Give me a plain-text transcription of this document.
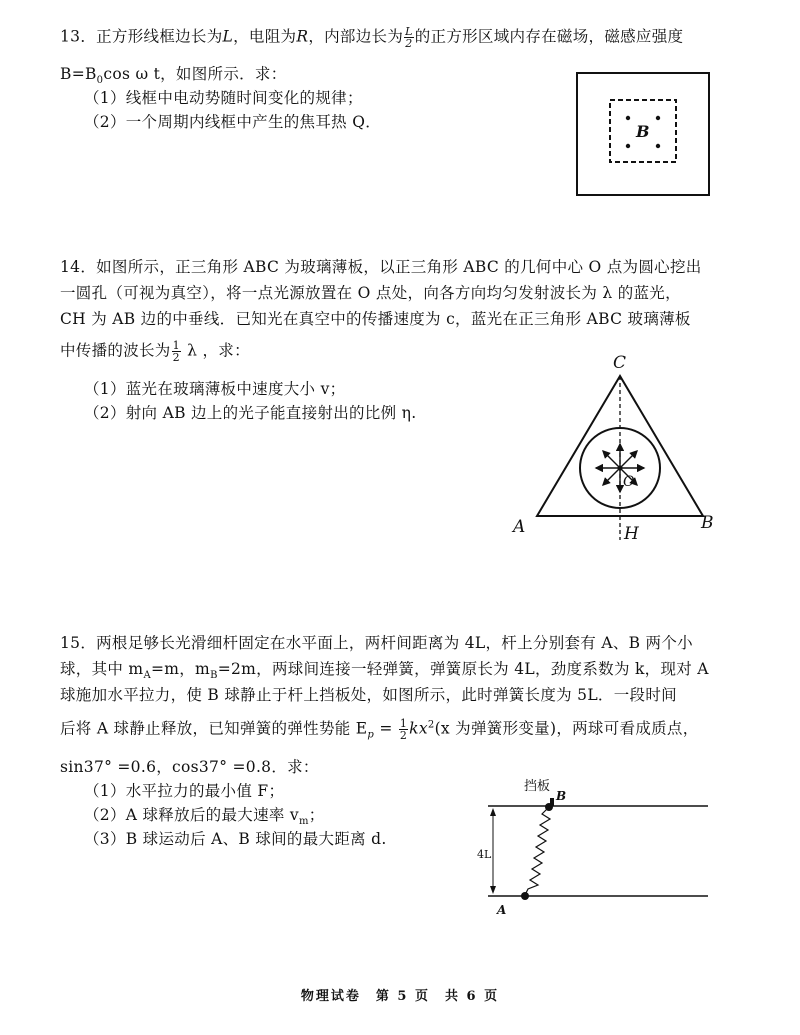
13．正方形线框边长为L，电阻为R，内部边长为 $\frac{L}{2}$ 的正方形区域内存在磁场，磁感应强度
$B=B_0\cos$ ω t，如图所示．求：
（1）线框中电动势随时间变化的规律；
（2）一个周期内线框中产生的焦耳热 Q．	B
14．如图所示，正三角形 ABC 为玻璃薄板，以正三角形 ABC 的几何中心 O 点为圆心挖出
一圆孔（可视为真空），将一点光源放置在 O 点处，向各方向均匀发射波长为 λ 的蓝光，
CH 为 AB 边的中垂线．已知光在真空中的传播速度为 c，蓝光在正三角形 ABC 玻璃薄板
中传播的波长为 $\frac{1}{2}$ λ ，求：
（1）蓝光在玻璃薄板中速度大小 v；
（2）射向 AB 边上的光子能直接射出的比例 η.
O
C
A	B
H
15．两根足够长光滑细杆固定在水平面上，两杆间距离为 4L，杆上分别套有 A、B 两个小
球，其中 $m_A=m$，$m_B=2m$，两球间连接一轻弹簧，弹簧原长为 4L，劲度系数为 k，现对 A
球施加水平拉力，使 B 球静止于杆上挡板处，如图所示，此时弹簧长度为 5L．一段时间
后将 A 球静止释放，已知弹簧的弹性势能 $E_p = \frac{1}{2} kx^2(x$ 为弹簧形变量)，两球可看成质点，
sin37° =0.6，cos37° =0.8．求：
（1）水平拉力的最小值 F；
（2）A 球释放后的最大速率 $v_m$；
（3）B 球运动后 A、B 球间的最大距离 d.
挡板
B
A
4L
物理试卷　第 5 页　共 6 页
